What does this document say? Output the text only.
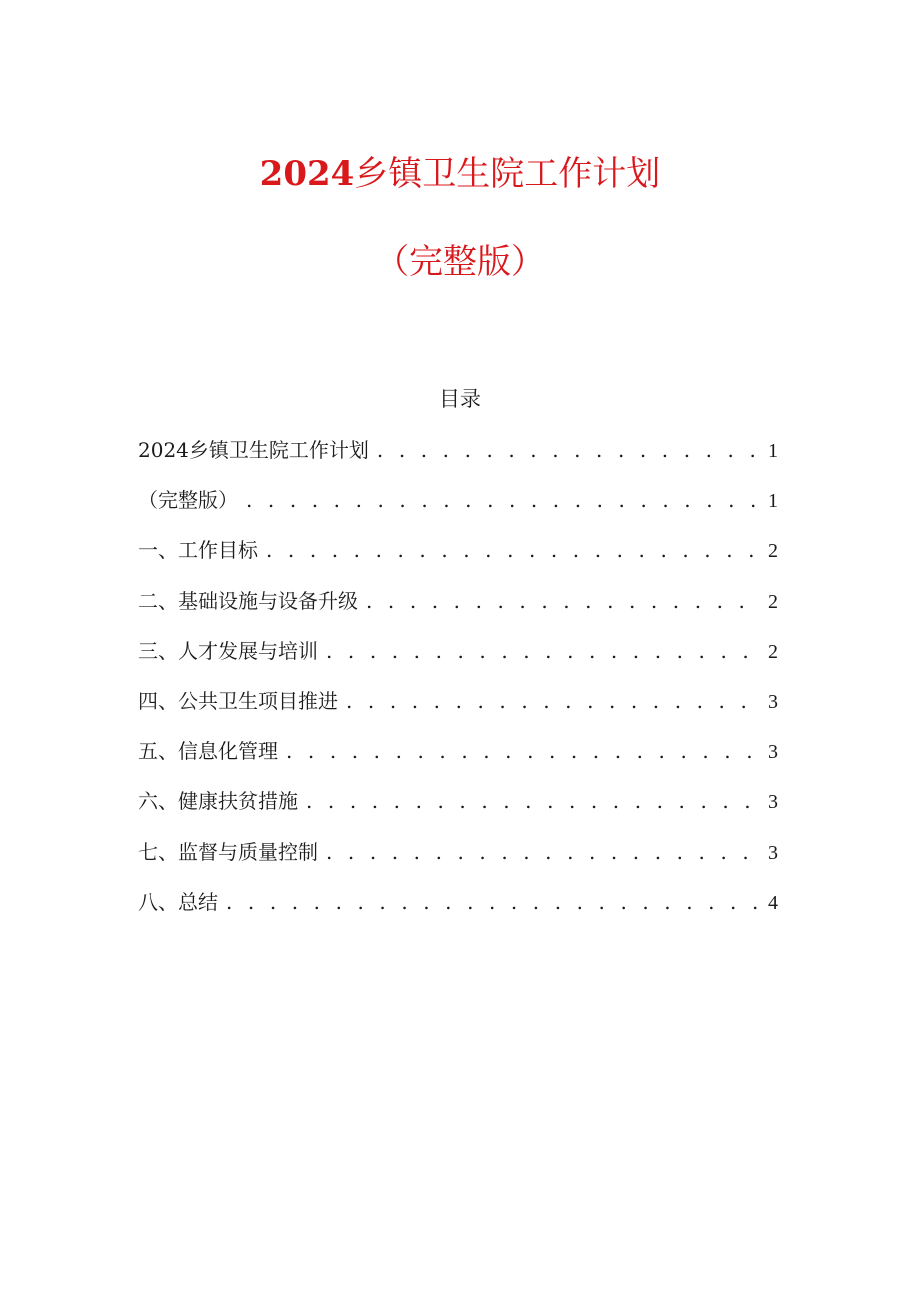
2024乡镇卫生院工作计划
（完整版）
目录
2024乡镇卫生院工作计划 . . .	1
（完整版） . . .	1
一、工作目标 . . .	2
二、基础设施与设备升级 . . .	2
三、人才发展与培训 . . .	2
四、公共卫生项目推进 . . .	3
五、信息化管理 . . .	3
六、健康扶贫措施 . . .	3
七、监督与质量控制 . . .	3
八、总结 . . .	4
